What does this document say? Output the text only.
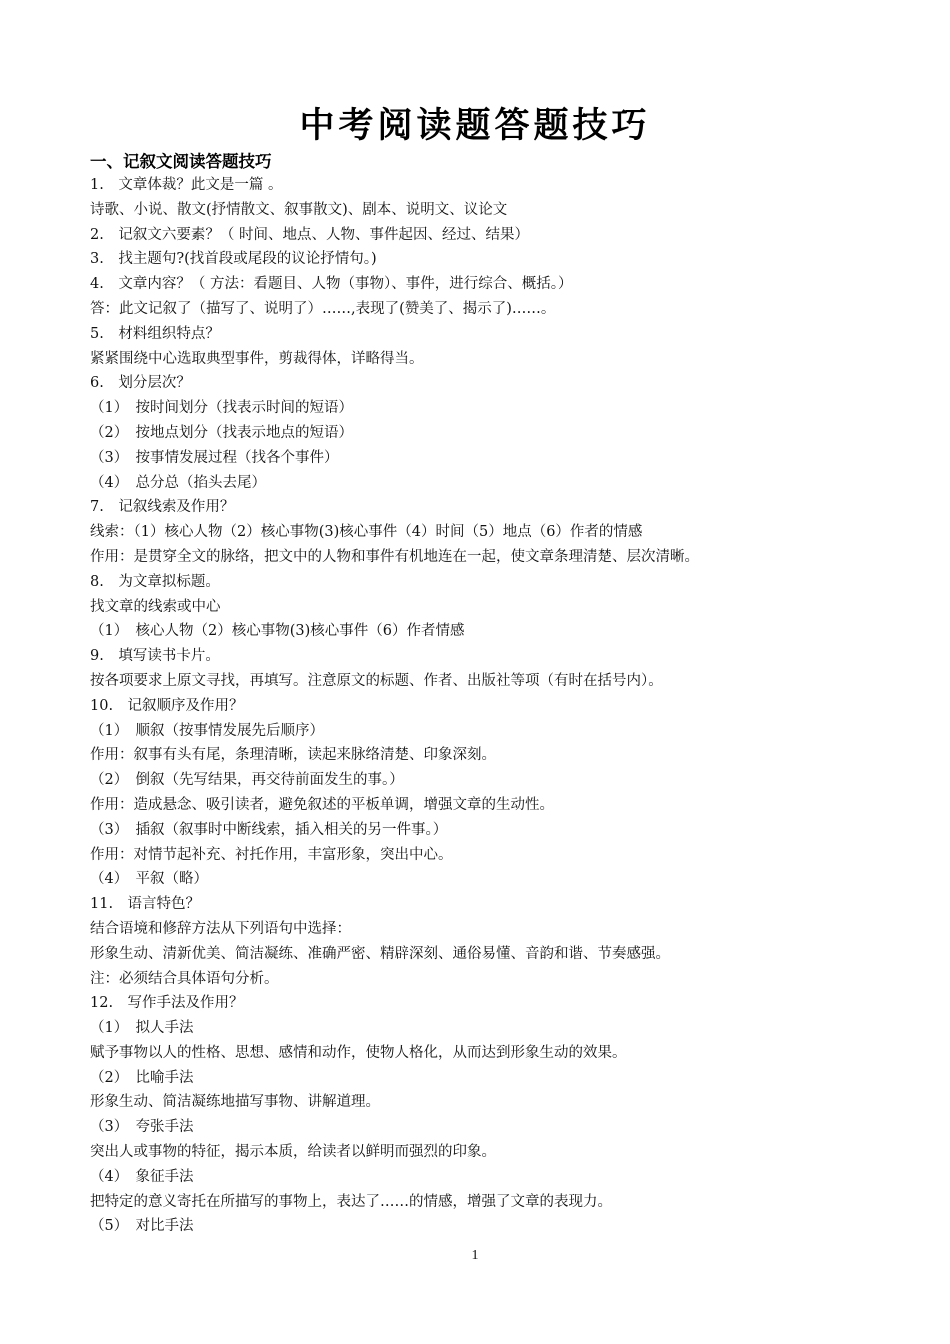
中考阅读题答题技巧
一、记叙文阅读答题技巧
1.　文章体裁？此文是一篇 。
诗歌、小说、散文(抒情散文、叙事散文)、剧本、说明文、议论文
2.　记叙文六要素？（ 时间、地点、人物、事件起因、经过、结果）
3.　找主题句?(找首段或尾段的议论抒情句。)
4.　文章内容？（ 方法：看题目、人物（事物）、事件，进行综合、概括。）
答：此文记叙了（描写了、说明了）……,表现了(赞美了、揭示了)……。
5.　材料组织特点？
紧紧围绕中心选取典型事件，剪裁得体，详略得当。
6.　划分层次？
（1）　按时间划分（找表示时间的短语）
（2）　按地点划分（找表示地点的短语）
（3）　按事情发展过程（找各个事件）
（4）　总分总（掐头去尾）
7.　记叙线索及作用？
线索：（1）核心人物（2）核心事物(3)核心事件（4）时间（5）地点（6）作者的情感
作用：是贯穿全文的脉络，把文中的人物和事件有机地连在一起，使文章条理清楚、层次清晰。
8.　为文章拟标题。
找文章的线索或中心
（1）　核心人物（2）核心事物(3)核心事件（6）作者情感
9.　填写读书卡片。
按各项要求上原文寻找，再填写。注意原文的标题、作者、出版社等项（有时在括号内）。
10.　记叙顺序及作用？
（1）　顺叙（按事情发展先后顺序）
作用：叙事有头有尾，条理清晰，读起来脉络清楚、印象深刻。
（2）　倒叙（先写结果，再交待前面发生的事。）
作用：造成悬念、吸引读者，避免叙述的平板单调，增强文章的生动性。
（3）　插叙（叙事时中断线索，插入相关的另一件事。）
作用：对情节起补充、衬托作用，丰富形象，突出中心。
（4）　平叙（略）
11.　语言特色？
结合语境和修辞方法从下列语句中选择：
形象生动、清新优美、简洁凝练、准确严密、精辟深刻、通俗易懂、音韵和谐、节奏感强。
注：必须结合具体语句分析。
12.　写作手法及作用？
（1）　拟人手法
赋予事物以人的性格、思想、感情和动作，使物人格化，从而达到形象生动的效果。
（2）　比喻手法
形象生动、简洁凝练地描写事物、讲解道理。
（3）　夸张手法
突出人或事物的特征，揭示本质，给读者以鲜明而强烈的印象。
（4）　象征手法
把特定的意义寄托在所描写的事物上，表达了……的情感，增强了文章的表现力。
（5）　对比手法
1
